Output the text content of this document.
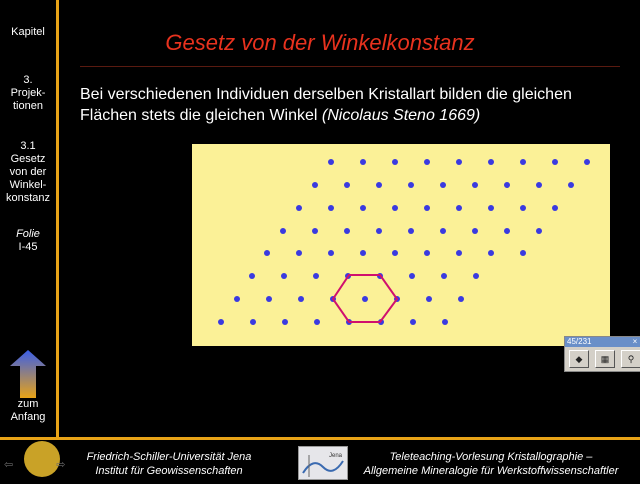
Kapitel
3.
Projek-
tionen
3.1
Gesetz
von der
Winkel-
konstanz
Folie
I-45
zum
Anfang
Gesetz von der Winkelkonstanz
Bei verschiedenen Individuen derselben Kristallart bilden die gleichen
Flächen stets die gleichen Winkel (Nicolaus Steno 1669)
45/231	×
◆	▦	⚲
⇦	⇨
Friedrich-Schiller-Universität Jena
Institut für Geowissenschaften
Jena	Teleteaching-Vorlesung Kristallographie –
Allgemeine Mineralogie für Werkstoffwissenschaftler
